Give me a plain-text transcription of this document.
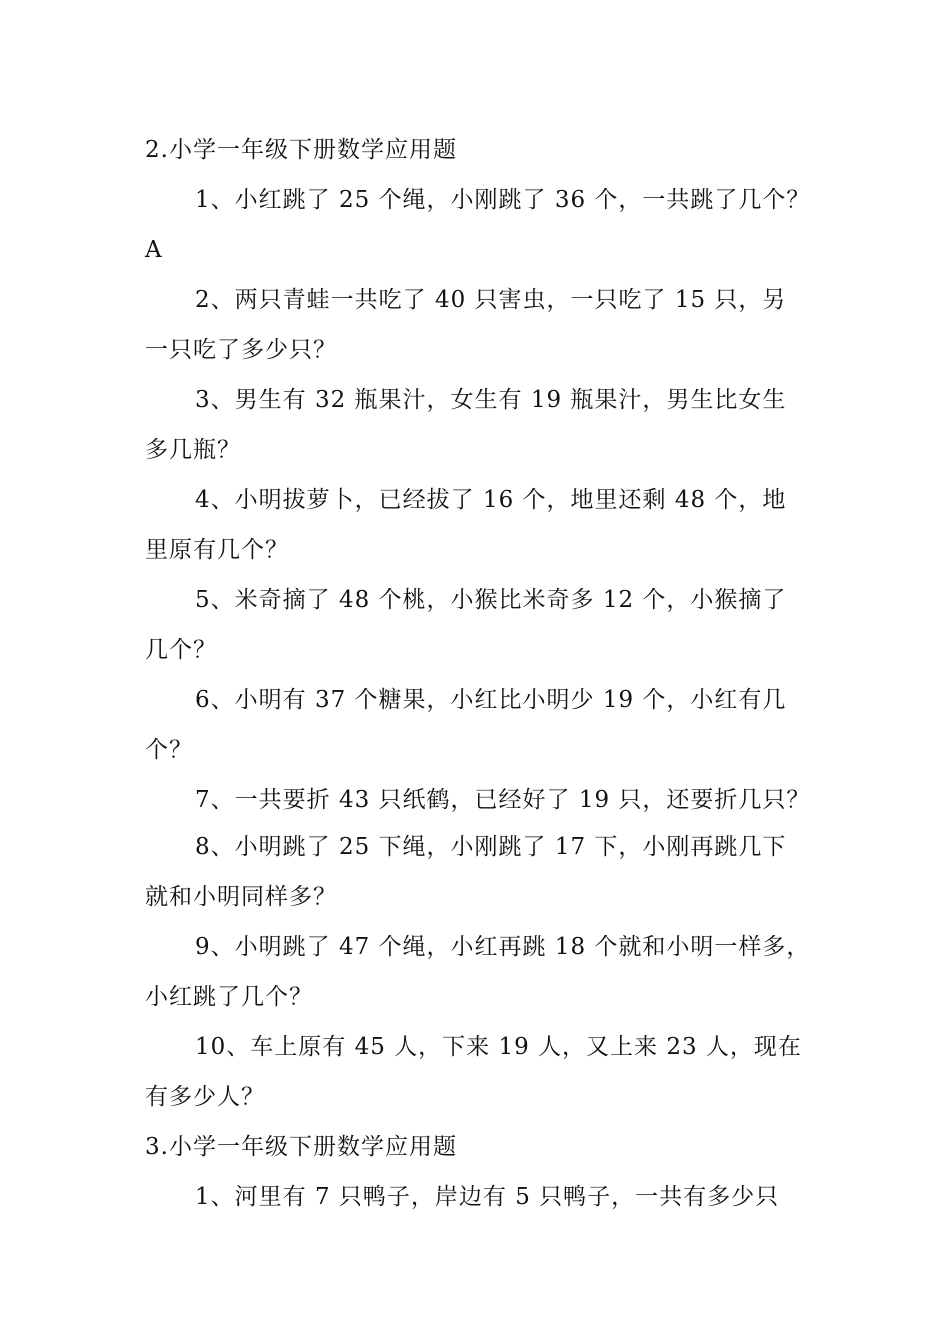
2.小学一年级下册数学应用题
1、小红跳了 25 个绳，小刚跳了 36 个，一共跳了几个？
A
2、两只青蛙一共吃了 40 只害虫，一只吃了 15 只，另
一只吃了多少只？
3、男生有 32 瓶果汁，女生有 19 瓶果汁，男生比女生
多几瓶？
4、小明拔萝卜，已经拔了 16 个，地里还剩 48 个，地
里原有几个？
5、米奇摘了 48 个桃，小猴比米奇多 12 个，小猴摘了
几个？
6、小明有 37 个糖果，小红比小明少 19 个，小红有几
个？
7、一共要折 43 只纸鹤，已经好了 19 只，还要折几只？
8、小明跳了 25 下绳，小刚跳了 17 下，小刚再跳几下
就和小明同样多？
9、小明跳了 47 个绳，小红再跳 18 个就和小明一样多，
小红跳了几个？
10、车上原有 45 人，下来 19 人，又上来 23 人，现在
有多少人？
3.小学一年级下册数学应用题
1、河里有 7 只鸭子，岸边有 5 只鸭子，一共有多少只
